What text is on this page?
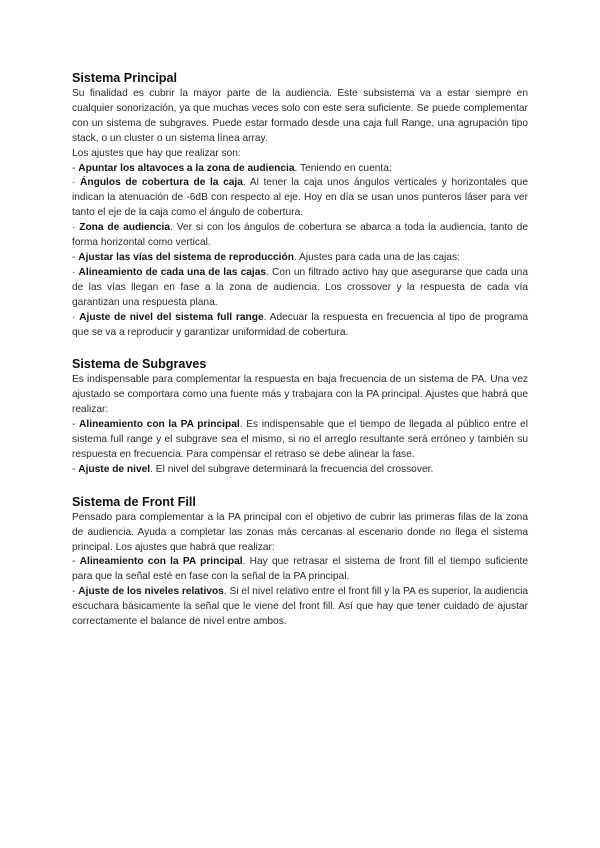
Sistema Principal

Su finalidad es cubrir la mayor parte de la audiencia. Este subsistema va a estar siempre en cualquier sonorización, ya que muchas veces solo con este sera suficiente. Se puede complementar con un sistema de subgraves. Puede estar formado desde una caja full Range, una agrupación tipo stack, o un cluster o un sistema línea array.

Los ajustes que hay que realizar son:

- Apuntar los altavoces a la zona de audiencia. Teniendo en cuenta:

· Ángulos de cobertura de la caja. Al tener la caja unos ángulos verticales y horizontales que indican la atenuación de -6dB con respecto al eje. Hoy en día se usan unos punteros láser para ver tanto el eje de la caja como el ángulo de cobertura.

· Zona de audiencia. Ver si con los ángulos de cobertura se abarca a toda la audiencia, tanto de forma horizontal como vertical.

- Ajustar las vías del sistema de reproducción. Ajustes para cada una de las cajas:

· Alineamiento de cada una de las cajas. Con un filtrado activo hay que asegurarse que cada una de las vías llegan en fase a la zona de audiencia. Los crossover y la respuesta de cada vía garantizan una respuesta plana.

· Ajuste de nivel del sistema full range. Adecuar la respuesta en frecuencia al tipo de programa que se va a reproducir y garantizar uniformidad de cobertura.

Sistema de Subgraves

Es indispensable para complementar la respuesta en baja frecuencia de un sistema de PA. Una vez ajustado se comportara como una fuente más y trabajara con la PA principal. Ajustes que habrá que realizar:

- Alineamiento con la PA principal. Es indispensable que el tiempo de llegada al público entre el sistema full range y el subgrave sea el mismo, si no el arreglo resultante será erróneo y también su respuesta en frecuencia. Para compensar el retraso se debe alinear la fase.

- Ajuste de nivel. El nivel del subgrave determinará la frecuencia del crossover.

Sistema de Front Fill

Pensado para complementar a la PA principal con el objetivo de cubrir las primeras filas de la zona de audiencia. Ayuda a completar las zonas más cercanas al escenario donde no llega el sistema principal. Los ajustes que habrá que realizar:

- Alineamiento con la PA principal. Hay que retrasar el sistema de front fill el tiempo suficiente para que la señal esté en fase con la señal de la PA principal.

- Ajuste de los niveles relativos. Si el nivel relativo entre el front fill y la PA es superior, la audiencia escuchara básicamente la señal que le viene del front fill. Así que hay que tener cuidado de ajustar correctamente el balance de nivel entre ambos.
